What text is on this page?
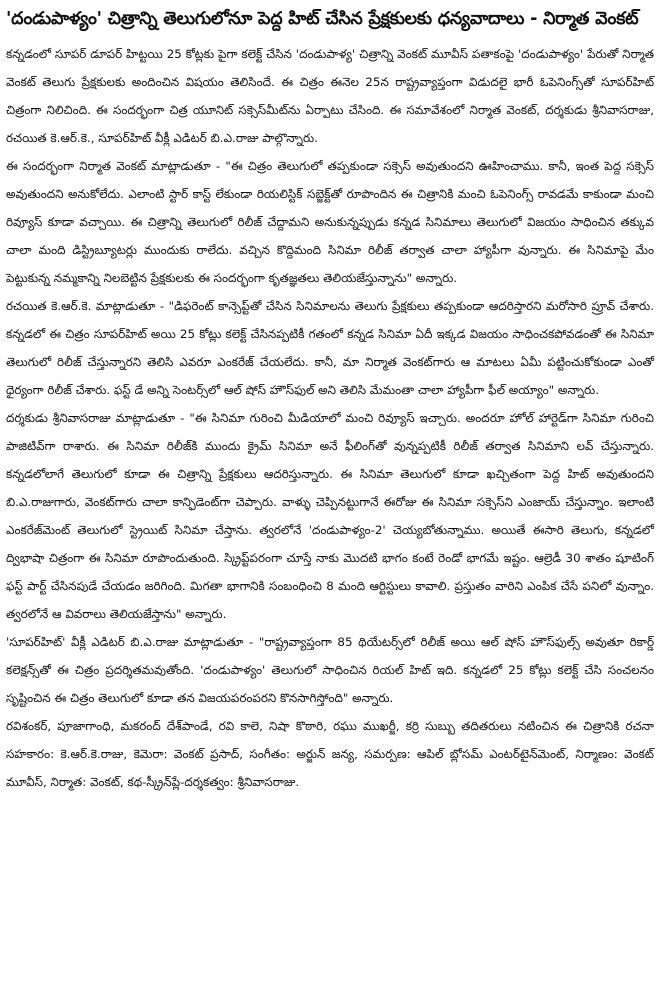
'దండుపాళ్యం' చిత్రాన్ని తెలుగులోనూ పెద్ద హిట్ చేసిన ప్రేక్షకులకు ధన్యవాదాలు - నిర్మాత వెంకట్

కన్నడంలో సూపర్ డూపర్ హిట్టయి 25 కోట్లకు పైగా కలెక్ట్ చేసిన 'దండుపాళ్య' చిత్రాన్ని వెంకట్ మూవీస్ పతాకంపై 'దండుపాళ్యం' పేరుతో నిర్మాత వెంకట్ తెలుగు ప్రేక్షకులకు అందించిన విషయం తెలిసిందే. ఈ చిత్రం ఈనెల 25న రాష్ట్రవ్యాప్తంగా విడుదలై భారీ ఓపెనింగ్స్‌తో సూపర్‌హిట్ చిత్రంగా నిలిచింది. ఈ సందర్భంగా చిత్ర యూనిట్ సక్సెస్‌మీట్‌ను ఏర్పాటు చేసింది. ఈ సమావేశంలో నిర్మాత వెంకట్, దర్శకుడు శ్రీనివాసరాజు, రచయిత కె.ఆర్.కె., సూపర్‌హిట్ వీక్లీ ఎడిటర్ బి.ఎ.రాజు పాల్గొన్నారు.

ఈ సందర్భంగా నిర్మాత వెంకట్ మాట్లాడుతూ - "ఈ చిత్రం తెలుగులో తప్పకుండా సక్సెస్ అవుతుందని ఊహించాము. కానీ, ఇంత పెద్ద సక్సెస్ అవుతుందని అనుకోలేదు. ఎలాంటి స్టార్ కాస్ట్ లేకుండా రియలిస్టిక్ సబ్జెక్ట్‌తో రూపొందిన ఈ చిత్రానికి మంచి ఓపెనింగ్స్ రావడమే కాకుండా మంచి రివ్యూస్ కూడా వచ్చాయి. ఈ చిత్రాన్ని తెలుగులో రిలీజ్ చేద్దామని అనుకున్నప్పుడు కన్నడ సినిమాలు తెలుగులో విజయం సాధించిన తక్కువ చాలా మంది డిస్ట్రిబ్యూటర్లు ముందుకు రాలేదు. వచ్చిన కొద్దిమంది సినిమా రిలీజ్ తర్వాత చాలా హ్యాపీగా వున్నారు. ఈ సినిమాపై మేం పెట్టుకున్న నమ్మకాన్ని నిలబెట్టిన ప్రేక్షకులకు ఈ సందర్భంగా కృతజ్ఞతలు తెలియజేస్తున్నాను" అన్నారు.

రచయిత కె.ఆర్.కె. మాట్లాడుతూ - "డిఫరెంట్ కాన్సెప్ట్‌తో చేసిన సినిమాలను తెలుగు ప్రేక్షకులు తప్పకుండా ఆదరిస్తారని మరోసారి ప్రూవ్ చేశారు. కన్నడలో ఈ చిత్రం సూపర్‌హిట్ అయి 25 కోట్లు కలెక్ట్ చేసినప్పటికీ గతంలో కన్నడ సినిమా ఏదీ ఇక్కడ విజయం సాధించకపోవడంతో ఈ సినిమా తెలుగులో రిలీజ్ చేస్తున్నారని తెలిసి ఎవరూ ఎంకరేజ్ చేయలేదు. కానీ, మా నిర్మాత వెంకట్‌గారు ఆ మాటలు ఏమీ పట్టించుకోకుండా ఎంతో ధైర్యంగా రిలీజ్ చేశారు. ఫస్ట్ డే అన్ని సెంటర్స్‌లో ఆల్ షోస్ హౌస్‌ఫుల్ అని తెలిసి మేమంతా చాలా హ్యాపీగా ఫీల్ అయ్యాం" అన్నారు.

దర్శకుడు శ్రీనివాసరాజు మాట్లాడుతూ - "ఈ సినిమా గురించి మీడియాలో మంచి రివ్యూస్ ఇచ్చారు. అందరూ హోల్ హార్టెడ్‌గా సినిమా గురించి పాజిటివ్‌గా రాశారు. ఈ సినిమా రిలీజ్‌కి ముందు క్రైమ్ సినిమా అనే ఫీలింగ్‌తో వున్నప్పటికీ రిలీజ్ తర్వాత సినిమాని లవ్ చేస్తున్నారు. కన్నడలోలాగే తెలుగులో కూడా ఈ చిత్రాన్ని ప్రేక్షకులు ఆదరిస్తున్నారు. ఈ సినిమా తెలుగులో కూడా ఖచ్చితంగా పెద్ద హిట్ అవుతుందని బి.ఎ.రాజుగారు, వెంకట్‌గారు చాలా కాన్ఫిడెంట్‌గా చెప్పారు. వాళ్ళు చెప్పినట్టుగానే ఈరోజు ఈ సినిమా సక్సెస్‌ని ఎంజాయ్ చేస్తున్నాం. ఇలాంటి ఎంకరేజ్‌మెంట్ తెలుగులో స్ట్రెయిట్ సినిమా చేస్తాను. త్వరలోనే 'దండుపాళ్యం-2' చెయ్యబోతున్నాము. అయితే ఈసారి తెలుగు, కన్నడలో ద్విభాషా చిత్రంగా ఈ సినిమా రూపొందుతుంది. స్క్రిప్ట్‌పరంగా చూస్తే నాకు మొదటి భాగం కంటే రెండో భాగమే ఇష్టం. ఆల్రెడీ 30 శాతం షూటింగ్ ఫస్ట్ పార్ట్ చేసినపుడే చేయడం జరిగింది. మిగతా భాగానికి సంబంధించి 8 మంది ఆర్టిస్టులు కావాలి. ప్రస్తుతం వారిని ఎంపిక చేసే పనిలో వున్నాం. త్వరలోనే ఆ వివరాలు తెలియజేస్తాను" అన్నారు.

'సూపర్‌హిట్' వీక్లీ ఎడిటర్ బి.ఎ.రాజు మాట్లాడుతూ - "రాష్ట్రవ్యాప్తంగా 85 థియేటర్స్‌లో రిలీజ్ అయి ఆల్ షోస్ హౌస్‌ఫుల్స్ అవుతూ రికార్డ్ కలెక్షన్స్‌తో ఈ చిత్రం ప్రదర్శితమవుతోంది. 'దండుపాళ్యం' తెలుగులో సాధించిన రియల్ హిట్ ఇది. కన్నడలో 25 కోట్లు కలెక్ట్ చేసి సంచలనం సృష్టించిన ఈ చిత్రం తెలుగులో కూడా తన విజయపరంపరని కొనసాగిస్తోంది" అన్నారు.

రవిశంకర్, పూజాగాంధి, మకరంద్ దేశ్‌పాండే, రవి కాలె, నిషా కొఠారి, రఘు ముఖర్జీ, కర్రి సుబ్బు తదితరులు నటించిన ఈ చిత్రానికి రచనా సహకారం: కె.ఆర్.కె.రాజు, కెమెరా: వెంకట్ ప్రసాద్, సంగీతం: అర్జున్ జన్య, సమర్పణ: ఆపిల్ బ్లోసమ్ ఎంటర్‌టైన్‌మెంట్, నిర్మాణం: వెంకట్ మూవీస్, నిర్మాత: వెంకట్, కథ-స్క్రీన్‌ప్లే-దర్శకత్వం: శ్రీనివాసరాజు.
